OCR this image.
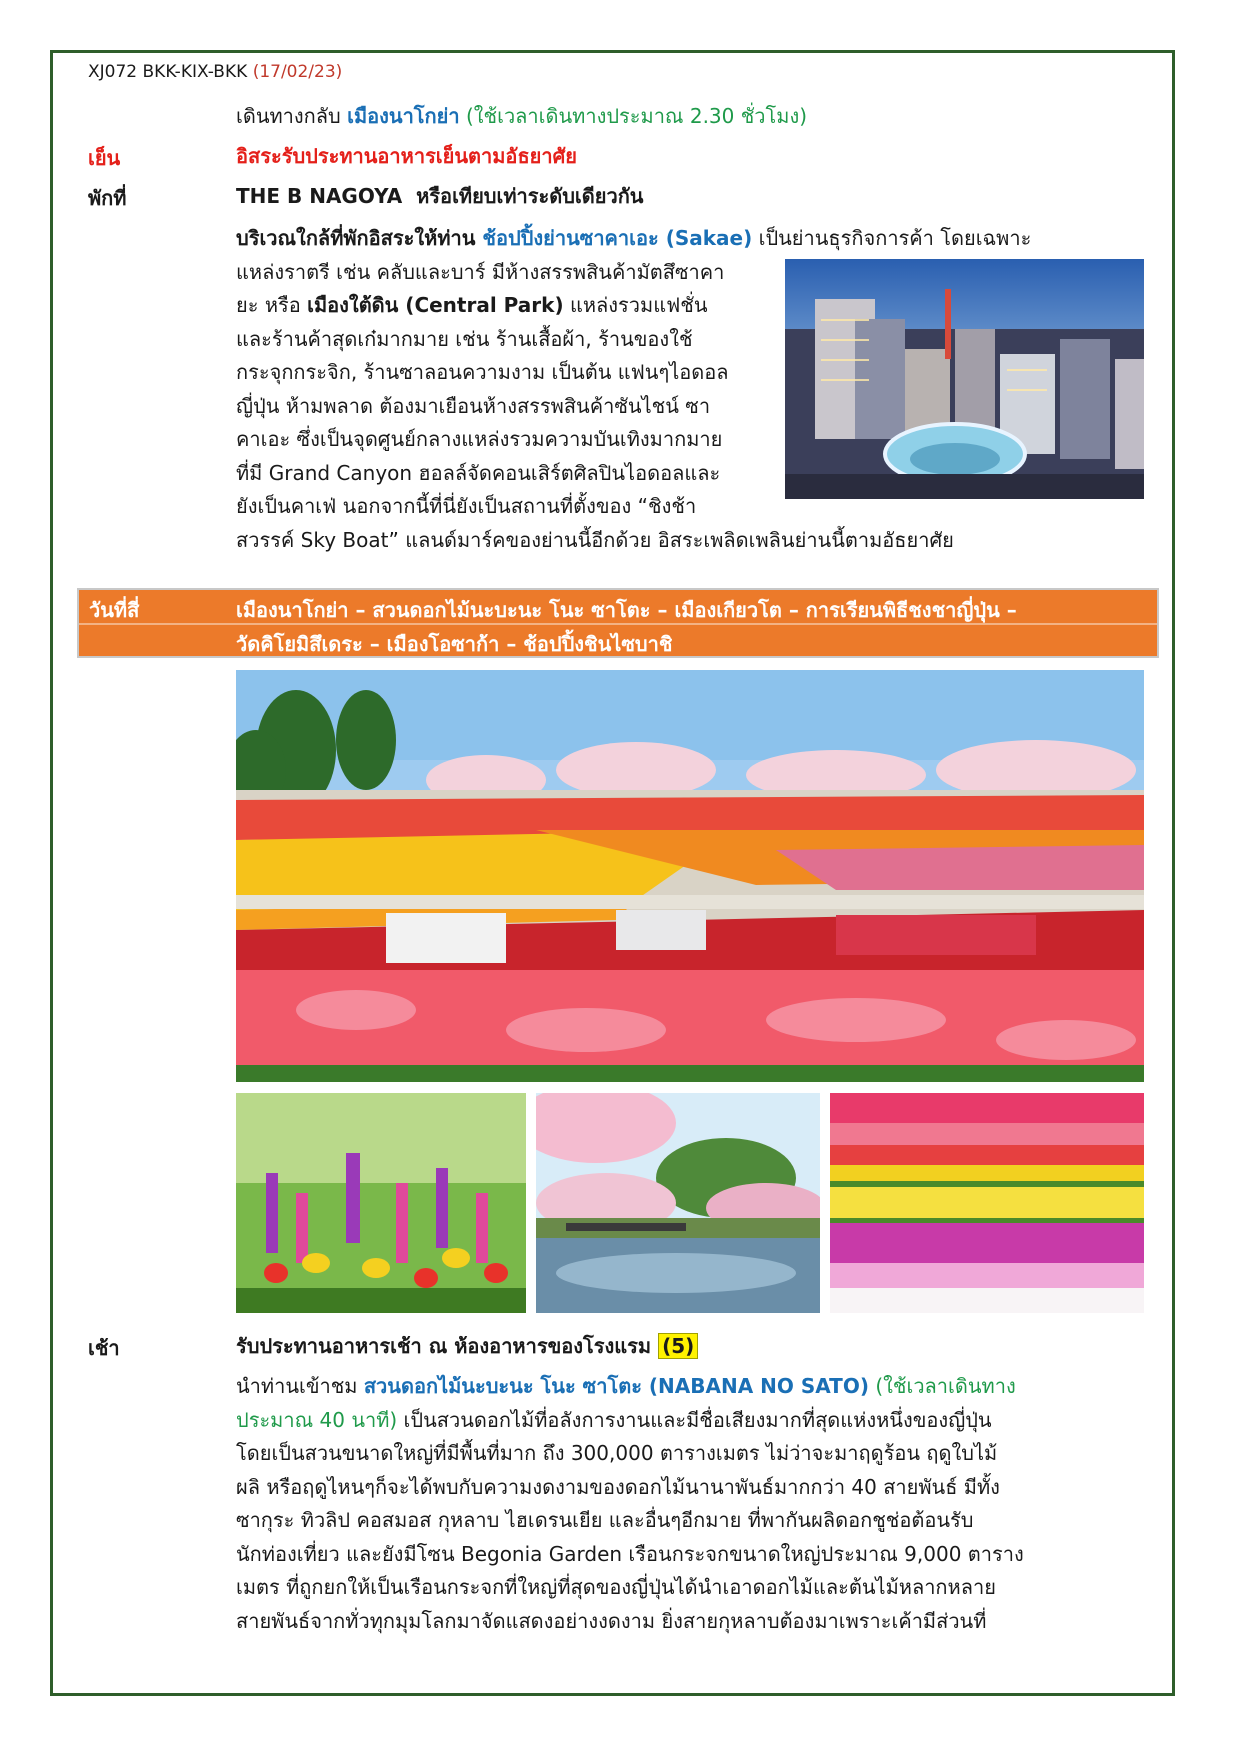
XJ072 BKK-KIX-BKK (17/02/23)
เดินทางกลับ เมืองนาโกย่า (ใช้เวลาเดินทางประมาณ 2.30 ชั่วโมง)
เย็น	อิสระรับประทานอาหารเย็นตามอัธยาศัย
พักที่	THE B NAGOYA หรือเทียบเท่าระดับเดียวกัน

บริเวณใกล้ที่พักอิสระให้ท่าน ช้อปปิ้งย่านซาคาเอะ (Sakae) เป็นย่านธุรกิจการค้า โดยเฉพาะ

แหล่งราตรี เช่น คลับและบาร์ มีห้างสรรพสินค้ามัตสึซาคา

ยะ หรือ เมืองใต้ดิน (Central Park) แหล่งรวมแฟชั่น

และร้านค้าสุดเก๋มากมาย เช่น ร้านเสื้อผ้า, ร้านของใช้

กระจุกกระจิก, ร้านซาลอนความงาม เป็นต้น แฟนๆไอดอล

ญี่ปุ่น ห้ามพลาด ต้องมาเยือนห้างสรรพสินค้าซันไชน์ ซา

คาเอะ ซึ่งเป็นจุดศูนย์กลางแหล่งรวมความบันเทิงมากมาย

ที่มี Grand Canyon ฮอลล์จัดคอนเสิร์ตศิลปินไอดอลและ

ยังเป็นคาเฟ่ นอกจากนี้ที่นี่ยังเป็นสถานที่ตั้งของ “ชิงช้า

สวรรค์ Sky Boat” แลนด์มาร์คของย่านนี้อีกด้วย อิสระเพลิดเพลินย่านนี้ตามอัธยาศัย

วันที่สี่	เมืองนาโกย่า – สวนดอกไม้นะบะนะ โนะ ซาโตะ – เมืองเกียวโต – การเรียนพิธีชงชาญี่ปุ่น –
วัดคิโยมิสึเดระ – เมืองโอซาก้า – ช้อปปิ้งชินไซบาชิ
เช้า	รับประทานอาหารเช้า ณ ห้องอาหารของโรงแรม (5)

นำท่านเข้าชม สวนดอกไม้นะบะนะ โนะ ซาโตะ (NABANA NO SATO) (ใช้เวลาเดินทาง

ประมาณ 40 นาที) เป็นสวนดอกไม้ที่อลังการงานและมีชื่อเสียงมากที่สุดแห่งหนึ่งของญี่ปุ่น

โดยเป็นสวนขนาดใหญ่ที่มีพื้นที่มาก ถึง 300,000 ตารางเมตร ไม่ว่าจะมาฤดูร้อน ฤดูใบไม้

ผลิ หรือฤดูไหนๆก็จะได้พบกับความงดงามของดอกไม้นานาพันธ์มากกว่า 40 สายพันธ์ มีทั้ง

ซากุระ ทิวลิป คอสมอส กุหลาบ ไฮเดรนเยีย และอื่นๆอีกมาย ที่พากันผลิดอกชูช่อต้อนรับ

นักท่องเที่ยว และยังมีโซน Begonia Garden เรือนกระจกขนาดใหญ่ประมาณ 9,000 ตาราง

เมตร ที่ถูกยกให้เป็นเรือนกระจกที่ใหญ่ที่สุดของญี่ปุ่นได้นำเอาดอกไม้และต้นไม้หลากหลาย

สายพันธ์จากทั่วทุกมุมโลกมาจัดแสดงอย่างงดงาม ยิ่งสายกุหลาบต้องมาเพราะเค้ามีส่วนที่
